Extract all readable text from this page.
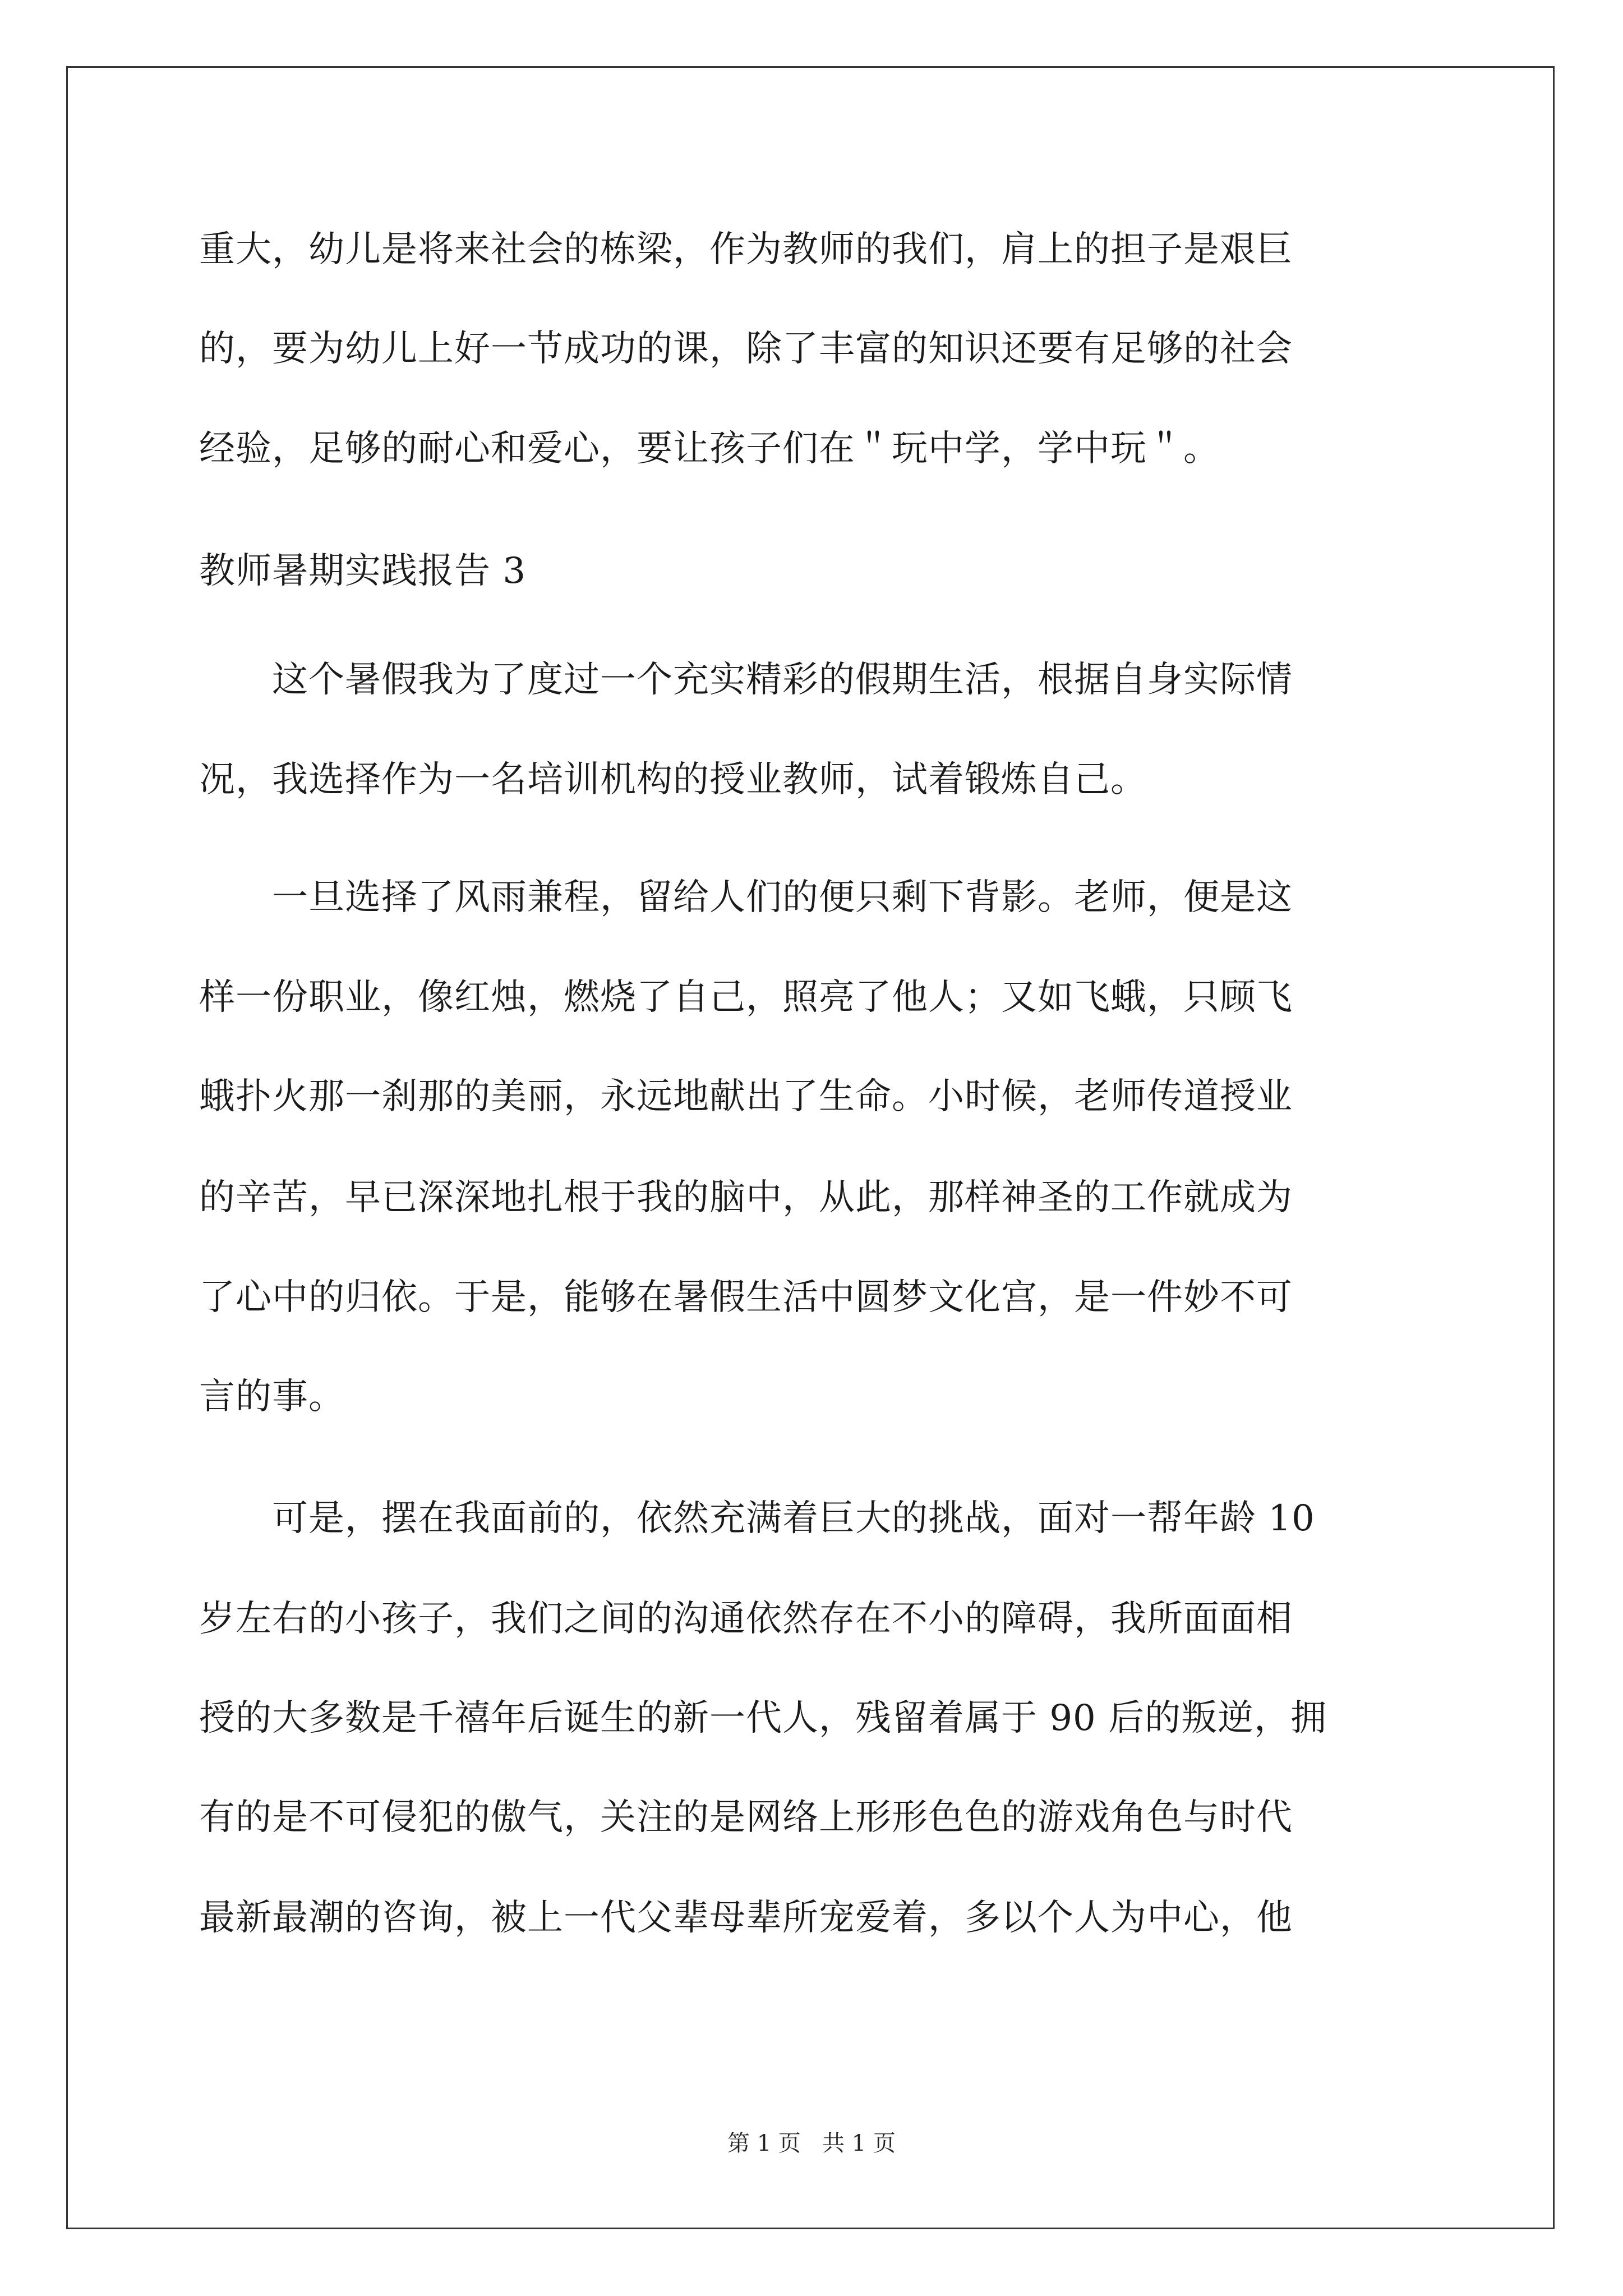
重大，幼儿是将来社会的栋梁，作为教师的我们，肩上的担子是艰巨
的，要为幼儿上好一节成功的课，除了丰富的知识还要有足够的社会
经验，足够的耐心和爱心，要让孩子们在＂玩中学，学中玩＂。
教师暑期实践报告 3
　　这个暑假我为了度过一个充实精彩的假期生活，根据自身实际情
况，我选择作为一名培训机构的授业教师，试着锻炼自己。
　　一旦选择了风雨兼程，留给人们的便只剩下背影。老师，便是这
样一份职业，像红烛，燃烧了自己，照亮了他人；又如飞蛾，只顾飞
蛾扑火那一刹那的美丽，永远地献出了生命。小时候，老师传道授业
的辛苦，早已深深地扎根于我的脑中，从此，那样神圣的工作就成为
了心中的归依。于是，能够在暑假生活中圆梦文化宫，是一件妙不可
言的事。
　　可是，摆在我面前的，依然充满着巨大的挑战，面对一帮年龄 10
岁左右的小孩子，我们之间的沟通依然存在不小的障碍，我所面面相
授的大多数是千禧年后诞生的新一代人，残留着属于 90 后的叛逆，拥
有的是不可侵犯的傲气，关注的是网络上形形色色的游戏角色与时代
最新最潮的咨询，被上一代父辈母辈所宠爱着，多以个人为中心，他
第 1 页 共 1 页
